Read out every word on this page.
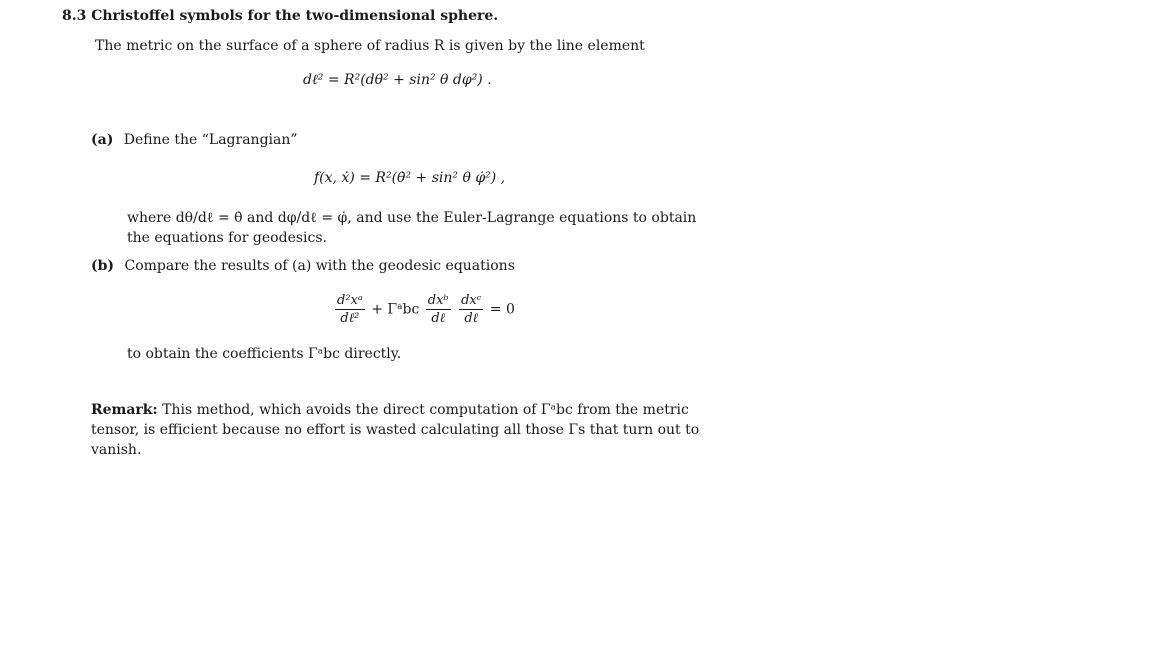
8.3 Christoffel symbols for the two-dimensional sphere.
The metric on the surface of a sphere of radius R is given by the line element
dℓ² = R²(dθ² + sin² θ dφ²) .
(a) Define the “Lagrangian”
f(x, ẋ) = R²(θ̇² + sin² θ φ̇²) ,
where dθ/dℓ = θ̇ and dφ/dℓ = φ̇, and use the Euler-Lagrange equations to obtain
the equations for geodesics.
(b) Compare the results of (a) with the geodesic equations
$\frac{\text{d²xᵃ}}{\text{dℓ²}}$ + Γᵃbc $\frac{\text{dxᵇ}}{\text{dℓ}}$
$\frac{\text{dxᶜ}}{\text{dℓ}} = 0$
to obtain the coefficients Γᵃbc directly.
Remark: This method, which avoids the direct computation of Γᵃbc from the metric
tensor, is efficient because no effort is wasted calculating all those Γs that turn out to
vanish.
